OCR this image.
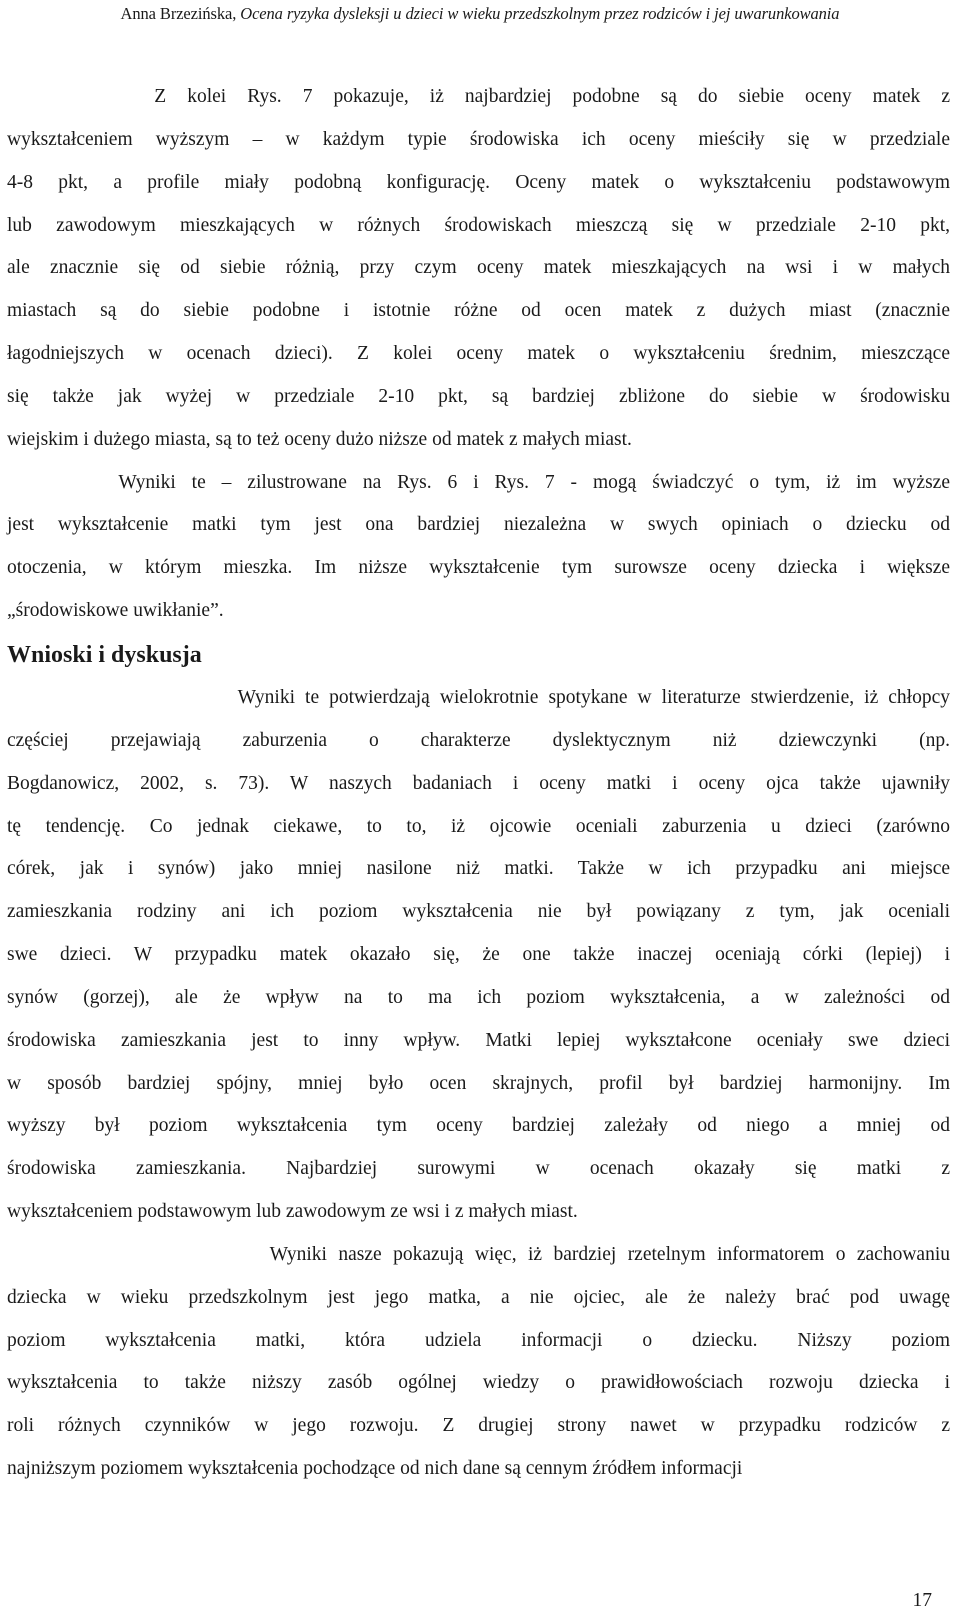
Anna Brzezińska, Ocena ryzyka dysleksji u dzieci w wieku przedszkolnym przez rodziców i jej uwarunkowania
Z kolei Rys. 7 pokazuje, iż najbardziej podobne są do siebie oceny matek z
wykształceniem wyższym – w każdym typie środowiska ich oceny mieściły się w przedziale
4-8 pkt, a profile miały podobną konfigurację. Oceny matek o wykształceniu podstawowym
lub zawodowym mieszkających w różnych środowiskach mieszczą się w przedziale 2-10 pkt,
ale znacznie się od siebie różnią, przy czym oceny matek mieszkających na wsi i w małych
miastach są do siebie podobne i istotnie różne od ocen matek z dużych miast (znacznie
łagodniejszych w ocenach dzieci). Z kolei oceny matek o wykształceniu średnim, mieszczące
się także jak wyżej w przedziale 2-10 pkt, są bardziej zbliżone do siebie w środowisku
wiejskim i dużego miasta, są to też oceny dużo niższe od matek z małych miast.
Wyniki te – zilustrowane na Rys. 6 i Rys. 7 - mogą świadczyć o tym, iż im wyższe
jest wykształcenie matki tym jest ona bardziej niezależna w swych opiniach o dziecku od
otoczenia, w którym mieszka. Im niższe wykształcenie tym surowsze oceny dziecka i większe
„środowiskowe uwikłanie”.
Wnioski i dyskusja
Wyniki te potwierdzają wielokrotnie spotykane w literaturze stwierdzenie, iż chłopcy
częściej przejawiają zaburzenia o charakterze dyslektycznym niż dziewczynki (np.
Bogdanowicz, 2002, s. 73). W naszych badaniach i oceny matki i oceny ojca także ujawniły
tę tendencję. Co jednak ciekawe, to to, iż ojcowie oceniali zaburzenia u dzieci (zarówno
córek, jak i synów) jako mniej nasilone niż matki. Także w ich przypadku ani miejsce
zamieszkania rodziny ani ich poziom wykształcenia nie był powiązany z tym, jak oceniali
swe dzieci. W przypadku matek okazało się, że one także inaczej oceniają córki (lepiej) i
synów (gorzej), ale że wpływ na to ma ich poziom wykształcenia, a w zależności od
środowiska zamieszkania jest to inny wpływ. Matki lepiej wykształcone oceniały swe dzieci
w sposób bardziej spójny, mniej było ocen skrajnych, profil był bardziej harmonijny. Im
wyższy był poziom wykształcenia tym oceny bardziej zależały od niego a mniej od
środowiska zamieszkania. Najbardziej surowymi w ocenach okazały się matki z
wykształceniem podstawowym lub zawodowym ze wsi i z małych miast.
Wyniki nasze pokazują więc, iż bardziej rzetelnym informatorem o zachowaniu
dziecka w wieku przedszkolnym jest jego matka, a nie ojciec, ale że należy brać pod uwagę
poziom wykształcenia matki, która udziela informacji o dziecku. Niższy poziom
wykształcenia to także niższy zasób ogólnej wiedzy o prawidłowościach rozwoju dziecka i
roli różnych czynników w jego rozwoju. Z drugiej strony nawet w przypadku rodziców z
najniższym poziomem wykształcenia pochodzące od nich dane są cennym źródłem informacji
17
